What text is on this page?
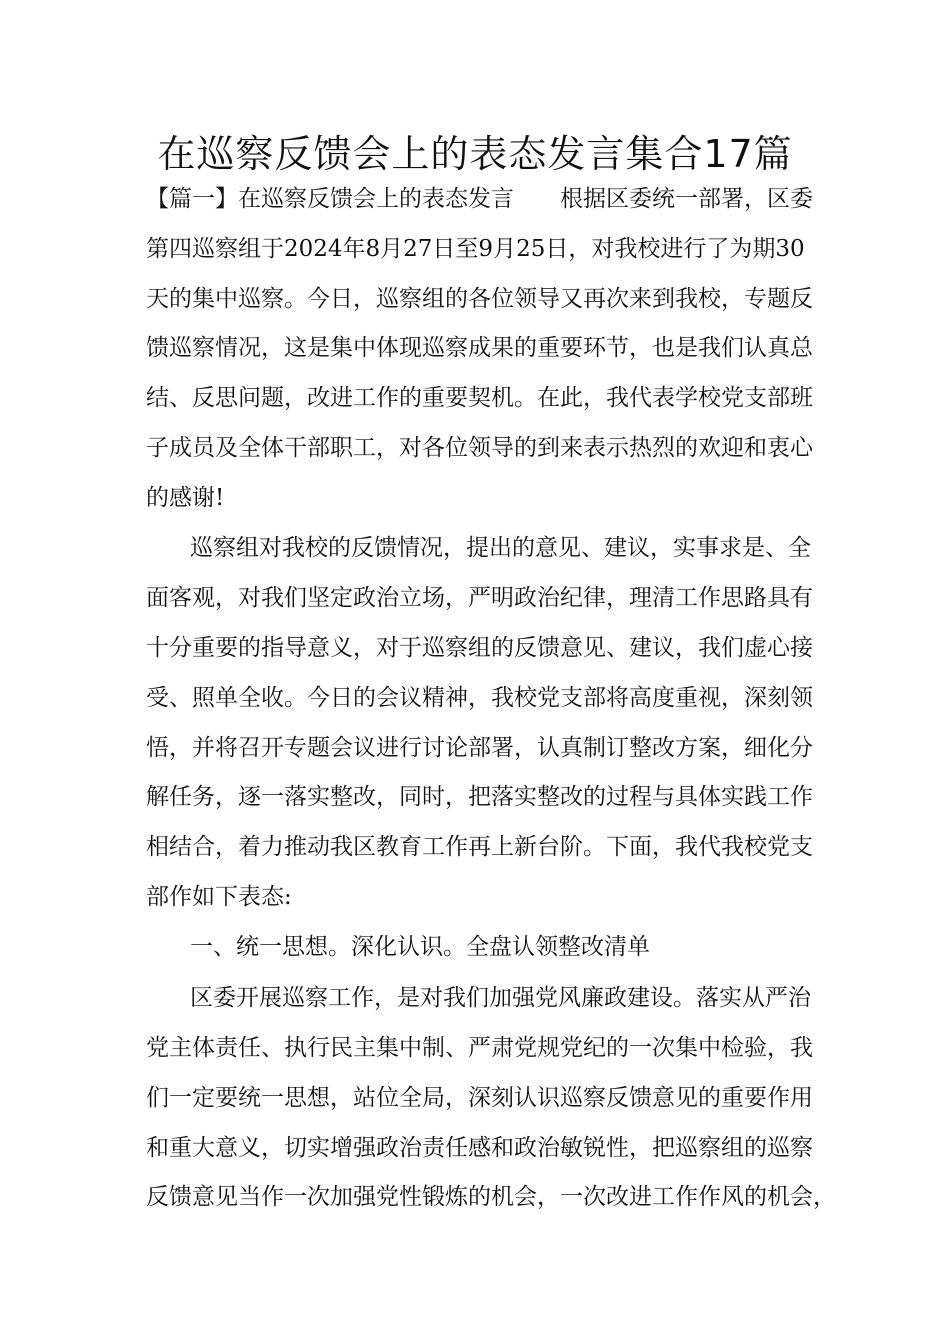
在巡察反馈会上的表态发言集合17篇
【篇一】在巡察反馈会上的表态发言　　根据区委统一部署，区委
第四巡察组于2024年8月27日至9月25日，对我校进行了为期30
天的集中巡察。今日，巡察组的各位领导又再次来到我校，专题反
馈巡察情况，这是集中体现巡察成果的重要环节，也是我们认真总
结、反思问题，改进工作的重要契机。在此，我代表学校党支部班
子成员及全体干部职工，对各位领导的到来表示热烈的欢迎和衷心
的感谢!
巡察组对我校的反馈情况，提出的意见、建议，实事求是、全
面客观，对我们坚定政治立场，严明政治纪律，理清工作思路具有
十分重要的指导意义，对于巡察组的反馈意见、建议，我们虚心接
受、照单全收。今日的会议精神，我校党支部将高度重视，深刻领
悟，并将召开专题会议进行讨论部署，认真制订整改方案，细化分
解任务，逐一落实整改，同时，把落实整改的过程与具体实践工作
相结合，着力推动我区教育工作再上新台阶。下面，我代我校党支
部作如下表态:
一、统一思想。深化认识。全盘认领整改清单
区委开展巡察工作，是对我们加强党风廉政建设。落实从严治
党主体责任、执行民主集中制、严肃党规党纪的一次集中检验，我
们一定要统一思想，站位全局，深刻认识巡察反馈意见的重要作用
和重大意义，切实增强政治责任感和政治敏锐性，把巡察组的巡察
反馈意见当作一次加强党性锻炼的机会，一次改进工作作风的机会，
